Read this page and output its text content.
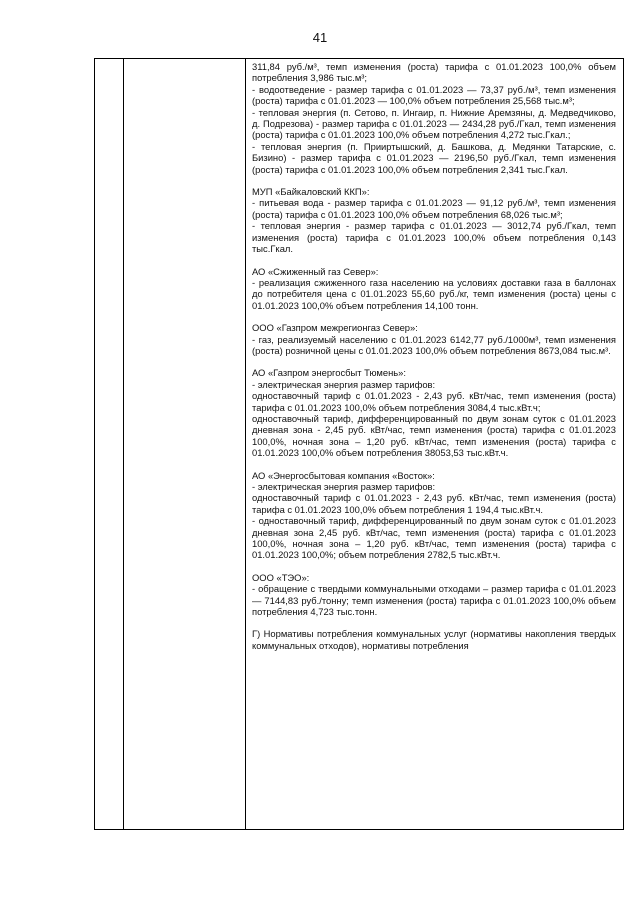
41

311,84 руб./м³, темп изменения (роста) тарифа с 01.01.2023 100,0% объем потребления 3,986 тыс.м³;

- водоотведение - размер тарифа с 01.01.2023 — 73,37 руб./м³, темп изменения (роста) тарифа с 01.01.2023 — 100,0% объем потребления 25,568 тыс.м³;

- тепловая энергия (п. Сетово, п. Ингаир, п. Нижние Аремзяны, д. Медведчиково, д. Подрезова) - размер тарифа с 01.01.2023 — 2434,28 руб./Гкал, темп изменения (роста) тарифа с 01.01.2023 100,0% объем потребления 4,272 тыс.Гкал.;

- тепловая энергия (п. Прииртышский, д. Башкова, д. Медянки Татарские, с. Бизино) - размер тарифа с 01.01.2023 — 2196,50 руб./Гкал, темп изменения (роста) тарифа с 01.01.2023 100,0% объем потребления 2,341 тыс.Гкал.

МУП «Байкаловский ККП»:

- питьевая вода - размер тарифа с 01.01.2023 — 91,12 руб./м³, темп изменения (роста) тарифа с 01.01.2023 100,0% объем потребления 68,026 тыс.м³;

- тепловая энергия - размер тарифа с 01.01.2023 — 3012,74 руб./Гкал, темп изменения (роста) тарифа с 01.01.2023 100,0% объем потребления 0,143 тыс.Гкал.

АО «Сжиженный газ Север»:

- реализация сжиженного газа населению на условиях доставки газа в баллонах до потребителя цена с 01.01.2023 55,60 руб./кг, темп изменения (роста) цены с 01.01.2023 100,0% объем потребления 14,100 тонн.

ООО «Газпром межрегионгаз Север»:

- газ, реализуемый населению с 01.01.2023 6142,77 руб./1000м³, темп изменения (роста) розничной цены с 01.01.2023 100,0% объем потребления 8673,084 тыс.м³.

АО «Газпром энергосбыт Тюмень»:

- электрическая энергия размер тарифов:

одноставочный тариф с 01.01.2023 - 2,43 руб. кВт/час, темп изменения (роста) тарифа с 01.01.2023 100,0% объем потребления 3084,4 тыс.кВт.ч;

одноставочный тариф, дифференцированный по двум зонам суток с 01.01.2023 дневная зона - 2,45 руб. кВт/час, темп изменения (роста) тарифа с 01.01.2023 100,0%, ночная зона – 1,20 руб. кВт/час, темп изменения (роста) тарифа с 01.01.2023 100,0% объем потребления 38053,53 тыс.кВт.ч.

АО «Энергосбытовая компания «Восток»:

- электрическая энергия размер тарифов:

одноставочный тариф с 01.01.2023 - 2,43 руб. кВт/час, темп изменения (роста) тарифа с 01.01.2023 100,0% объем потребления 1 194,4 тыс.кВт.ч.

- одноставочный тариф, дифференцированный по двум зонам суток с 01.01.2023 дневная зона 2,45 руб. кВт/час, темп изменения (роста) тарифа с 01.01.2023 100,0%, ночная зона – 1,20 руб. кВт/час, темп изменения (роста) тарифа с 01.01.2023 100,0%; объем потребления 2782,5 тыс.кВт.ч.

ООО «ТЭО»:

- обращение с твердыми коммунальными отходами – размер тарифа с 01.01.2023 — 7144,83 руб./тонну; темп изменения (роста) тарифа с 01.01.2023 100,0% объем потребления 4,723 тыс.тонн.

Г) Нормативы потребления коммунальных услуг (нормативы накопления твердых коммунальных отходов), нормативы потребления
